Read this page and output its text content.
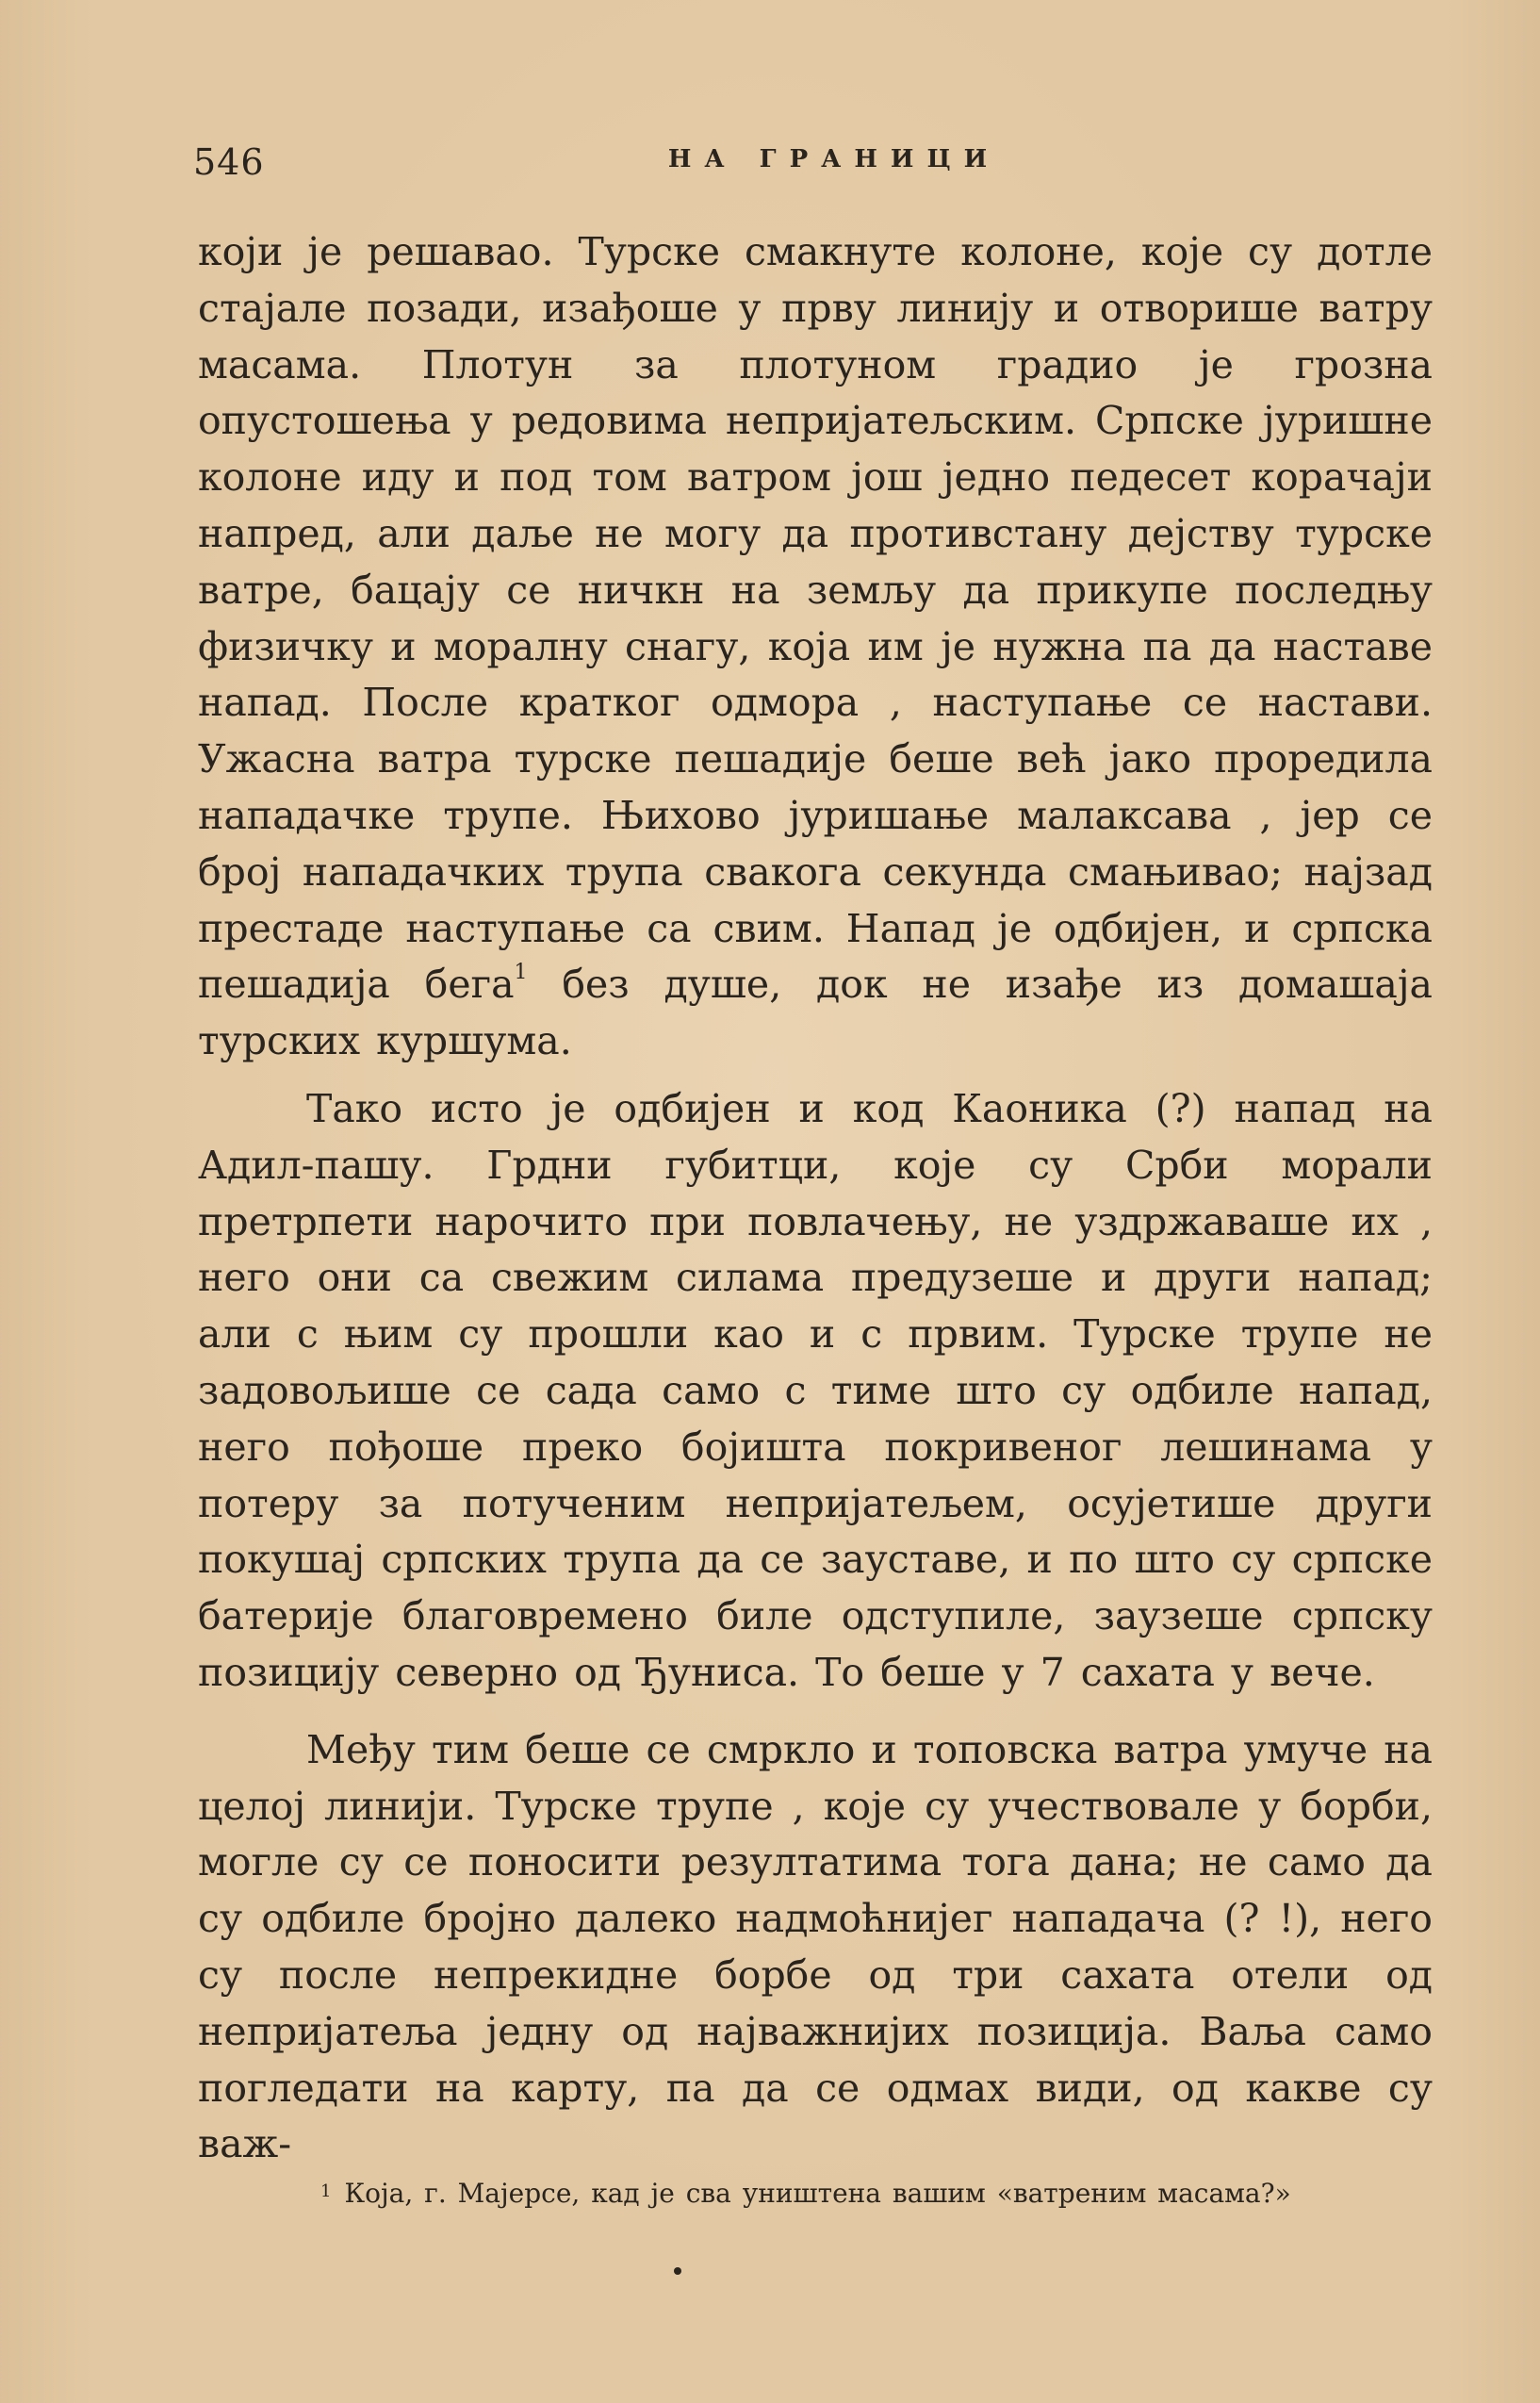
546	НА ГРАНИЦИ

који је решавао. Турске смакнуте колоне, које су дотле стајале позади, изађоше у прву линију и отворише ватру масама. Плотун за плотуном градио је грозна опустошења у редовима непријатељским. Српске јуришне колоне иду и под том ватром још једно педесет корачаји напред, али даље не могу да противстану дејству турске ватре, бацају се ничкн на земљу да прикупе последњу физичку и моралну снагу, која им је нужна па да наставе напад. После кратког одмора , наступање се настави. Ужасна ватра турске пешадије беше већ јако проредила нападачке трупе. Њихово јуришање малаксава , јер се број нападачких трупа свакога секунда смањивао; најзад престаде наступање са свим. Напад је одбијен, и српска пешадија бега$^1$ без душе, док не изађе из домашаја турских куршума.

Тако исто је одбијен и код Каоника (?) напад на Адил-пашу. Грдни губитци, које су Срби морали претрпети нарочито при повлачењу, не уздржаваше их , него они са свежим силама предузеше и други напад; али с њим су прошли као и с првим. Турске трупе не задовољише се сада само с тиме што су одбиле напад, него пођоше преко бојишта покривеног лешинама у потеру за потученим непријатељем, осујетише други покушај српских трупа да се зауставе, и по што су српске батерије благовремено биле одступиле, заузеше српску позицију северно од Ђуниса. То беше у 7 сахата у вече.

Међу тим беше се смркло и топовска ватра умуче на целој линији. Турске трупе , које су учествовале у борби, могле су се поносити резултатима тога дана; не само да су одбиле бројно далеко надмоћнијег нападача (? !), него су после непрекидне борбе од три сахата отели од непријатеља једну од најважнијих позиција. Ваља само погледати на карту, па да се одмах види, од какве су важ-

$^1$ Која, г. Мајерсе, кад је сва уништена вашим «ватреним масама?»
